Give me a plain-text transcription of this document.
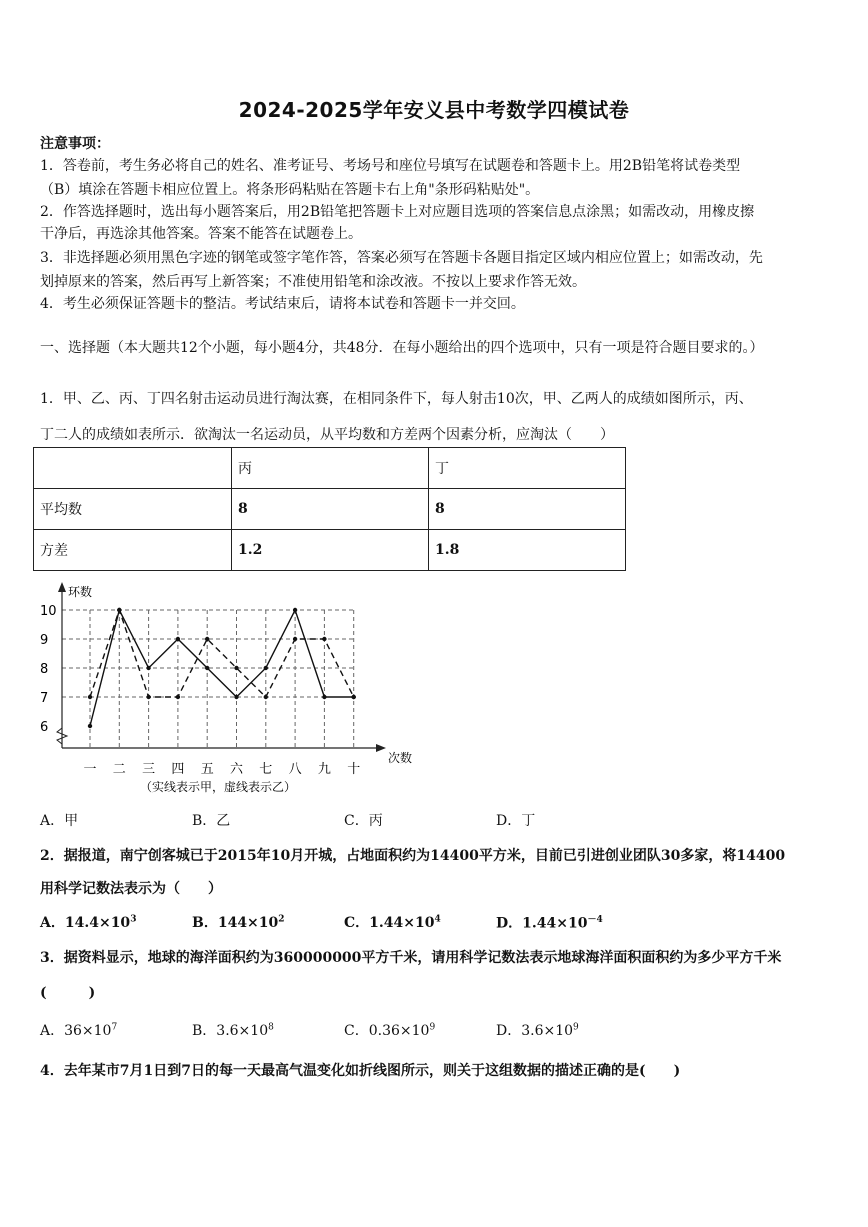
2024-2025学年安义县中考数学四模试卷
注意事项：
1．答卷前，考生务必将自己的姓名、准考证号、考场号和座位号填写在试题卷和答题卡上。用2B铅笔将试卷类型
（B）填涂在答题卡相应位置上。将条形码粘贴在答题卡右上角"条形码粘贴处"。
2．作答选择题时，选出每小题答案后，用2B铅笔把答题卡上对应题目选项的答案信息点涂黑；如需改动，用橡皮擦
干净后，再选涂其他答案。答案不能答在试题卷上。
3．非选择题必须用黑色字迹的钢笔或签字笔作答，答案必须写在答题卡各题目指定区域内相应位置上；如需改动，先
划掉原来的答案，然后再写上新答案；不准使用铅笔和涂改液。不按以上要求作答无效。
4．考生必须保证答题卡的整洁。考试结束后，请将本试卷和答题卡一并交回。
一、选择题（本大题共12个小题，每小题4分，共48分．在每小题给出的四个选项中，只有一项是符合题目要求的。）
1．甲、乙、丙、丁四名射击运动员进行淘汰赛，在相同条件下，每人射击10次，甲、乙两人的成绩如图所示，丙、
丁二人的成绩如表所示．欲淘汰一名运动员，从平均数和方差两个因素分析，应淘汰（　　）
	丙	丁
平均数	8	8
方差	1.2	1.8
环数
次数
6
7
8
9
10
一 二 三 四 五 六 七 八 九 十
（实线表示甲，虚线表示乙）
A．甲	B．乙	C．丙	D．丁
2．据报道，南宁创客城已于2015年10月开城，占地面积约为14400平方米，目前已引进创业团队30多家，将14400
用科学记数法表示为（　　）
A．$14.4\times 10^3$	B．$144\times 10^2$	C．$1.44\times 10^4$	D．$1.44\times 10^{-4}$
3．据资料显示，地球的海洋面积约为360000000平方千米，请用科学记数法表示地球海洋面积面积约为多少平方千米
(　　　)
A．$36\times 10^7$	B．$3.6\times 10^8$	C．$0.36\times 10^9$	D．$3.6\times 10^9$
4．去年某市7月1日到7日的每一天最高气温变化如折线图所示，则关于这组数据的描述正确的是(　　)
